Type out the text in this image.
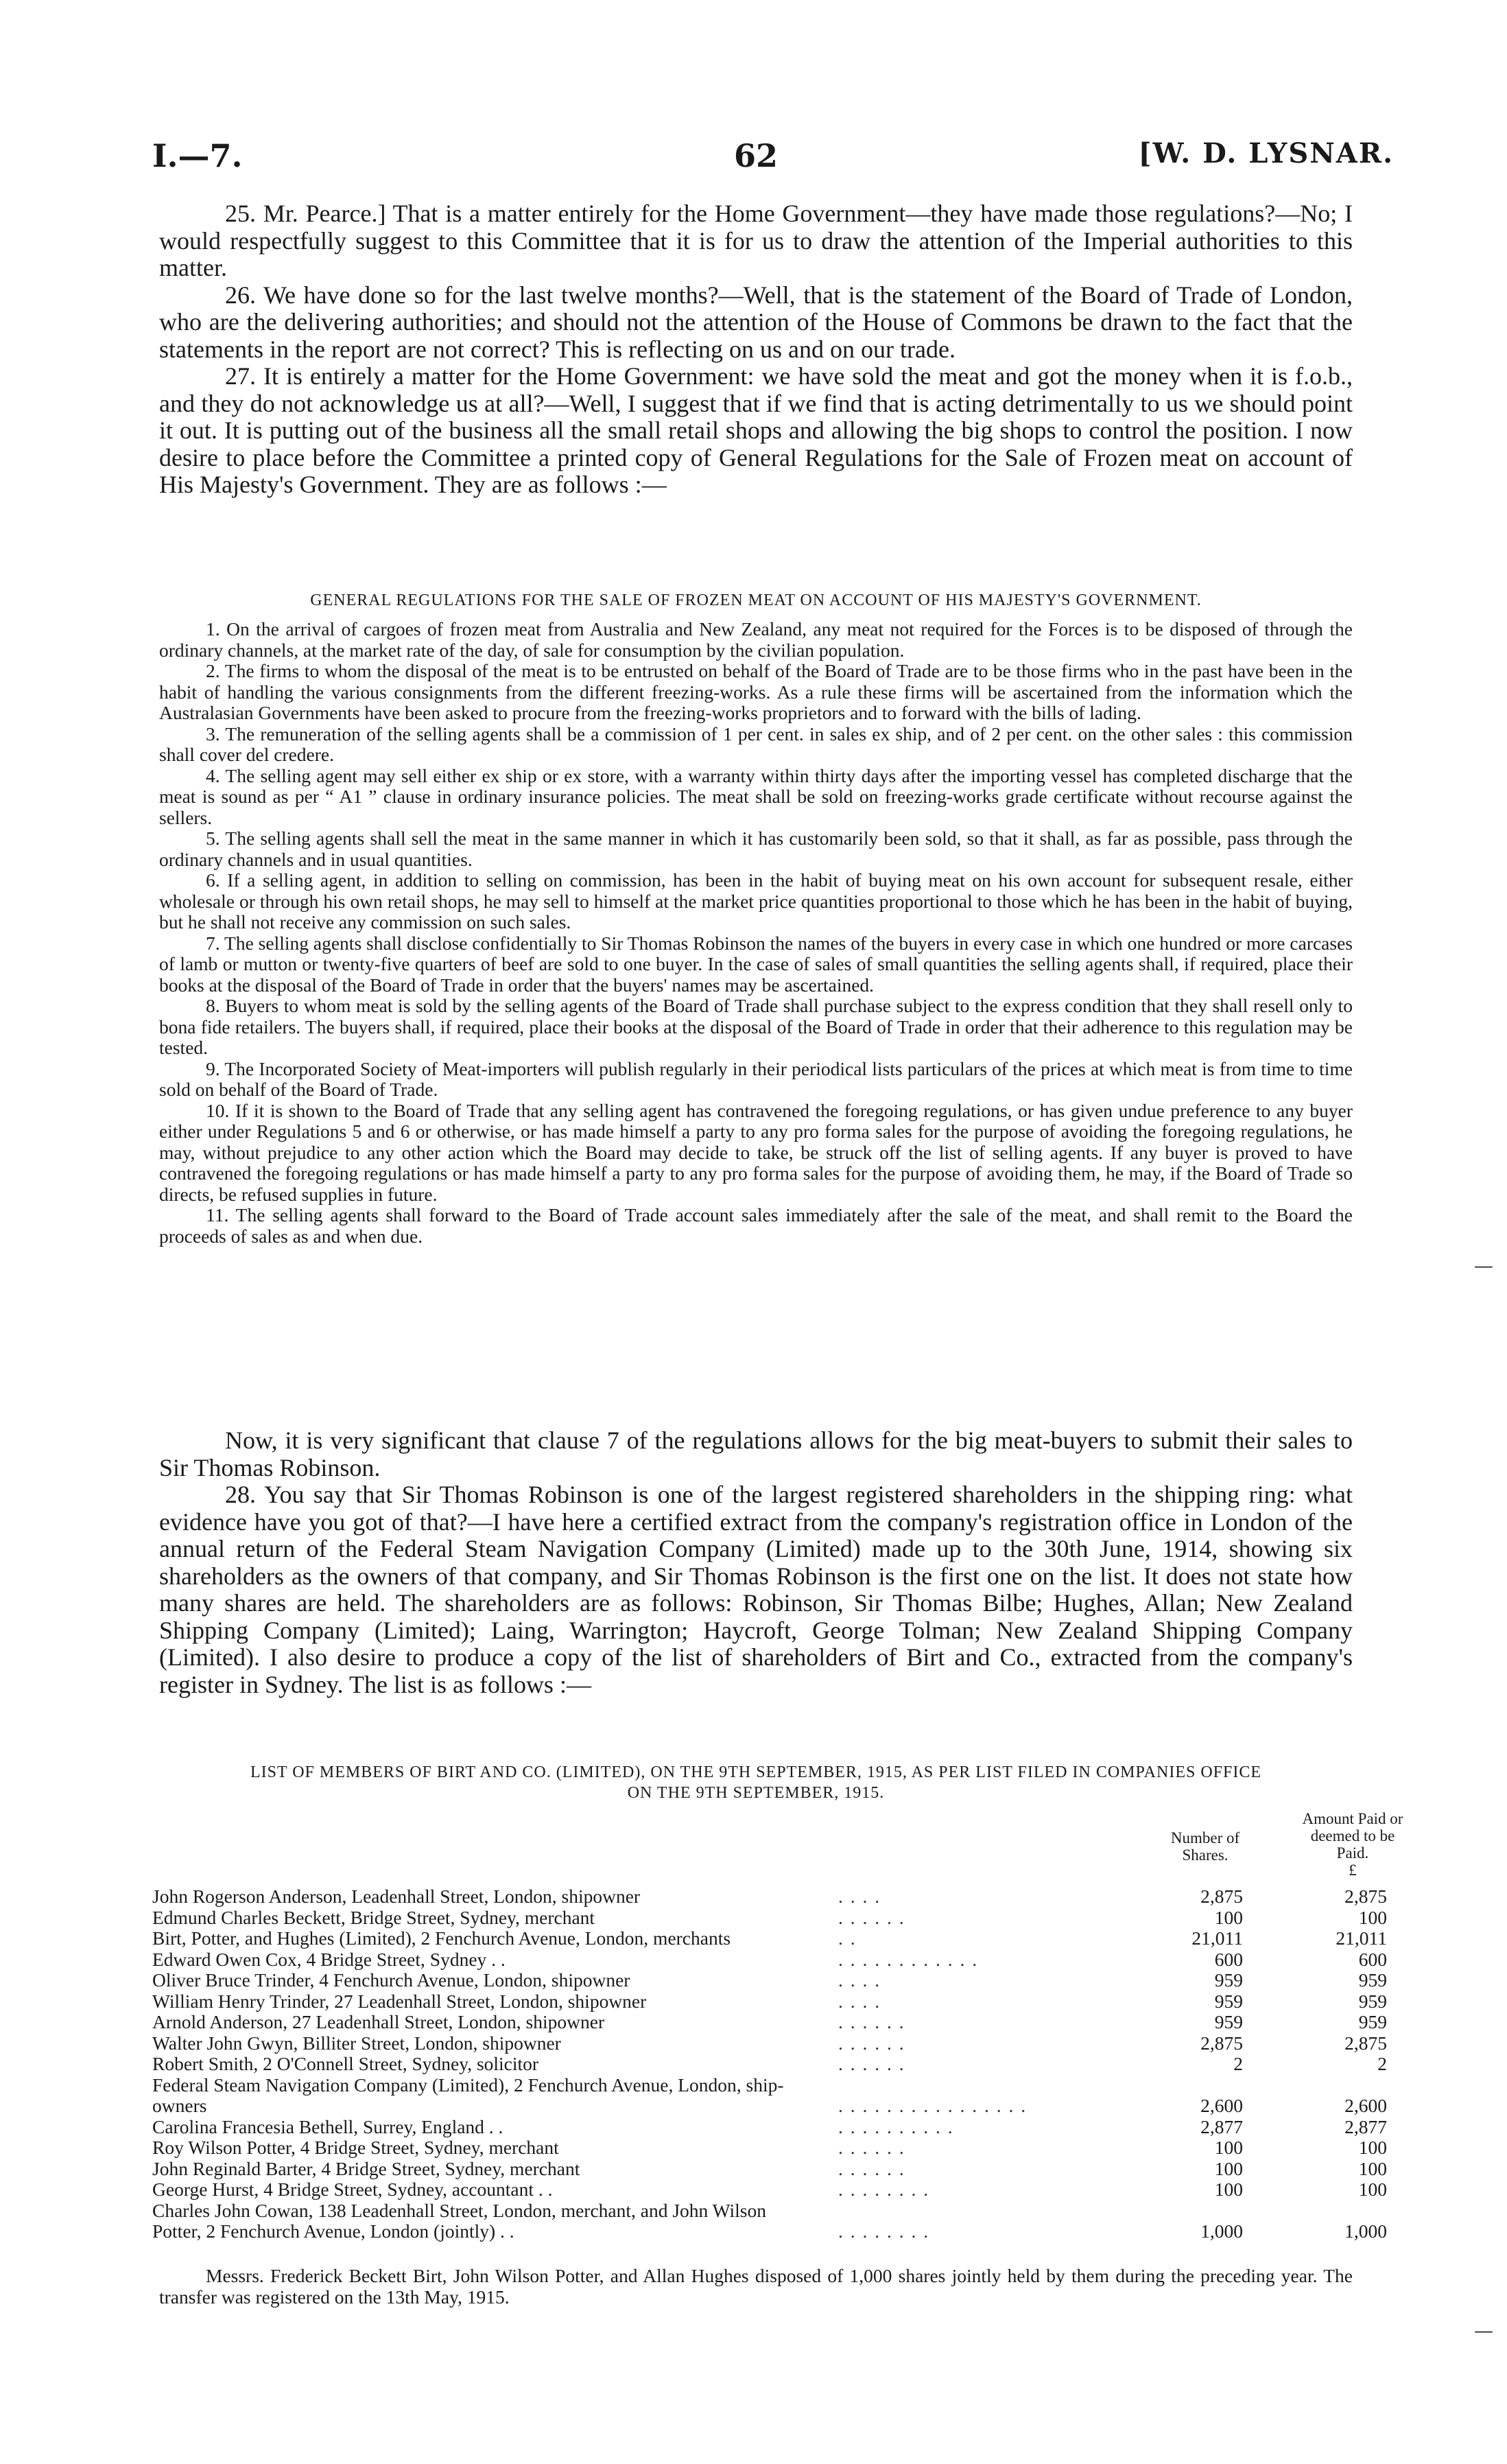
I.—7.	62	[W. D. LYSNAR.

25. Mr. Pearce.] That is a matter entirely for the Home Government—they have made those regulations?—No; I would respectfully suggest to this Committee that it is for us to draw the attention of the Imperial authorities to this matter.

26. We have done so for the last twelve months?—Well, that is the statement of the Board of Trade of London, who are the delivering authorities; and should not the attention of the House of Commons be drawn to the fact that the statements in the report are not correct? This is reflecting on us and on our trade.

27. It is entirely a matter for the Home Government: we have sold the meat and got the money when it is f.o.b., and they do not acknowledge us at all?—Well, I suggest that if we find that is acting detrimentally to us we should point it out. It is putting out of the business all the small retail shops and allowing the big shops to control the position. I now desire to place before the Committee a printed copy of General Regulations for the Sale of Frozen meat on account of His Majesty's Government. They are as follows :—

GENERAL REGULATIONS FOR THE SALE OF FROZEN MEAT ON ACCOUNT OF HIS MAJESTY'S GOVERNMENT.

1. On the arrival of cargoes of frozen meat from Australia and New Zealand, any meat not required for the Forces is to be disposed of through the ordinary channels, at the market rate of the day, of sale for consumption by the civilian population.

2. The firms to whom the disposal of the meat is to be entrusted on behalf of the Board of Trade are to be those firms who in the past have been in the habit of handling the various consignments from the different freezing-works. As a rule these firms will be ascertained from the information which the Australasian Governments have been asked to procure from the freezing-works proprietors and to forward with the bills of lading.

3. The remuneration of the selling agents shall be a commission of 1 per cent. in sales ex ship, and of 2 per cent. on the other sales : this commission shall cover del credere.

4. The selling agent may sell either ex ship or ex store, with a warranty within thirty days after the importing vessel has completed discharge that the meat is sound as per “ A1 ” clause in ordinary insurance policies. The meat shall be sold on freezing-works grade certificate without recourse against the sellers.

5. The selling agents shall sell the meat in the same manner in which it has customarily been sold, so that it shall, as far as possible, pass through the ordinary channels and in usual quantities.

6. If a selling agent, in addition to selling on commission, has been in the habit of buying meat on his own account for subsequent resale, either wholesale or through his own retail shops, he may sell to himself at the market price quantities proportional to those which he has been in the habit of buying, but he shall not receive any commission on such sales.

7. The selling agents shall disclose confidentially to Sir Thomas Robinson the names of the buyers in every case in which one hundred or more carcases of lamb or mutton or twenty-five quarters of beef are sold to one buyer. In the case of sales of small quantities the selling agents shall, if required, place their books at the disposal of the Board of Trade in order that the buyers' names may be ascertained.

8. Buyers to whom meat is sold by the selling agents of the Board of Trade shall purchase subject to the express condition that they shall resell only to bona fide retailers. The buyers shall, if required, place their books at the disposal of the Board of Trade in order that their adherence to this regulation may be tested.

9. The Incorporated Society of Meat-importers will publish regularly in their periodical lists particulars of the prices at which meat is from time to time sold on behalf of the Board of Trade.

10. If it is shown to the Board of Trade that any selling agent has contravened the foregoing regulations, or has given undue preference to any buyer either under Regulations 5 and 6 or otherwise, or has made himself a party to any pro forma sales for the purpose of avoiding the foregoing regulations, he may, without prejudice to any other action which the Board may decide to take, be struck off the list of selling agents. If any buyer is proved to have contravened the foregoing regulations or has made himself a party to any pro forma sales for the purpose of avoiding them, he may, if the Board of Trade so directs, be refused supplies in future.

11. The selling agents shall forward to the Board of Trade account sales immediately after the sale of the meat, and shall remit to the Board the proceeds of sales as and when due.

Now, it is very significant that clause 7 of the regulations allows for the big meat-buyers to submit their sales to Sir Thomas Robinson.

28. You say that Sir Thomas Robinson is one of the largest registered shareholders in the shipping ring: what evidence have you got of that?—I have here a certified extract from the company's registration office in London of the annual return of the Federal Steam Navigation Company (Limited) made up to the 30th June, 1914, showing six shareholders as the owners of that company, and Sir Thomas Robinson is the first one on the list. It does not state how many shares are held. The shareholders are as follows: Robinson, Sir Thomas Bilbe; Hughes, Allan; New Zealand Shipping Company (Limited); Laing, Warrington; Haycroft, George Tolman; New Zealand Shipping Company (Limited). I also desire to produce a copy of the list of shareholders of Birt and Co., extracted from the company's register in Sydney. The list is as follows :—

LIST OF MEMBERS OF BIRT AND CO. (LIMITED), ON THE 9TH SEPTEMBER, 1915, AS PER LIST FILED IN COMPANIES OFFICE
ON THE 9TH SEPTEMBER, 1915.
Number of
Shares.
Amount Paid or
deemed to be
Paid.
£
John Rogerson Anderson, Leadenhall Street, London, shipowner	. . . .	2,875	2,875
Edmund Charles Beckett, Bridge Street, Sydney, merchant	. . . . . .	100	100
Birt, Potter, and Hughes (Limited), 2 Fenchurch Avenue, London, merchants	. .	21,011	21,011
Edward Owen Cox, 4 Bridge Street, Sydney . .	. . . . . . . . . . . .	600	600
Oliver Bruce Trinder, 4 Fenchurch Avenue, London, shipowner	. . . .	959	959
William Henry Trinder, 27 Leadenhall Street, London, shipowner	. . . .	959	959
Arnold Anderson, 27 Leadenhall Street, London, shipowner	. . . . . .	959	959
Walter John Gwyn, Billiter Street, London, shipowner	. . . . . .	2,875	2,875
Robert Smith, 2 O'Connell Street, Sydney, solicitor	. . . . . .	2	2
Federal Steam Navigation Company (Limited), 2 Fenchurch Avenue, London, ship-
owners	. . . . . . . . . . . . . . . .	2,600	2,600
Carolina Francesia Bethell, Surrey, England . .	. . . . . . . . . .	2,877	2,877
Roy Wilson Potter, 4 Bridge Street, Sydney, merchant	. . . . . .	100	100
John Reginald Barter, 4 Bridge Street, Sydney, merchant	. . . . . .	100	100
George Hurst, 4 Bridge Street, Sydney, accountant . .	. . . . . . . .	100	100
Charles John Cowan, 138 Leadenhall Street, London, merchant, and John Wilson
Potter, 2 Fenchurch Avenue, London (jointly) . .	. . . . . . . .	1,000	1,000

Messrs. Frederick Beckett Birt, John Wilson Potter, and Allan Hughes disposed of 1,000 shares jointly held by them during the preceding year. The transfer was registered on the 13th May, 1915.

—
—
